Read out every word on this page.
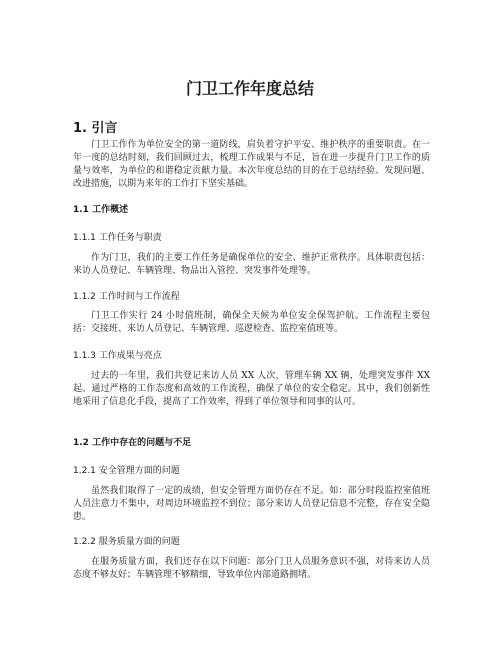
门卫工作年度总结
1. 引言

门卫工作作为单位安全的第一道防线，肩负着守护平安、维护秩序的重要职责。在一年一度的总结时刻，我们回顾过去，梳理工作成果与不足，旨在进一步提升门卫工作的质量与效率，为单位的和谐稳定贡献力量。本次年度总结的目的在于总结经验、发现问题、改进措施，以期为来年的工作打下坚实基础。

1.1 工作概述
1.1.1 工作任务与职责

作为门卫，我们的主要工作任务是确保单位的安全、维护正常秩序。具体职责包括：来访人员登记、车辆管理、物品出入管控、突发事件处理等。

1.1.2 工作时间与工作流程

门卫工作实行 24 小时值班制，确保全天候为单位安全保驾护航。工作流程主要包括：交接班、来访人员登记、车辆管理、巡逻检查、监控室值班等。

1.1.3 工作成果与亮点

过去的一年里，我们共登记来访人员 XX 人次，管理车辆 XX 辆，处理突发事件 XX 起。通过严格的工作态度和高效的工作流程，确保了单位的安全稳定。其中，我们创新性地采用了信息化手段，提高了工作效率，得到了单位领导和同事的认可。

1.2 工作中存在的问题与不足
1.2.1 安全管理方面的问题

虽然我们取得了一定的成绩，但安全管理方面仍存在不足。如：部分时段监控室值班人员注意力不集中，对周边环境监控不到位；部分来访人员登记信息不完整，存在安全隐患。

1.2.2 服务质量方面的问题

在服务质量方面，我们还存在以下问题：部分门卫人员服务意识不强，对待来访人员态度不够友好；车辆管理不够精细，导致单位内部道路拥堵。
